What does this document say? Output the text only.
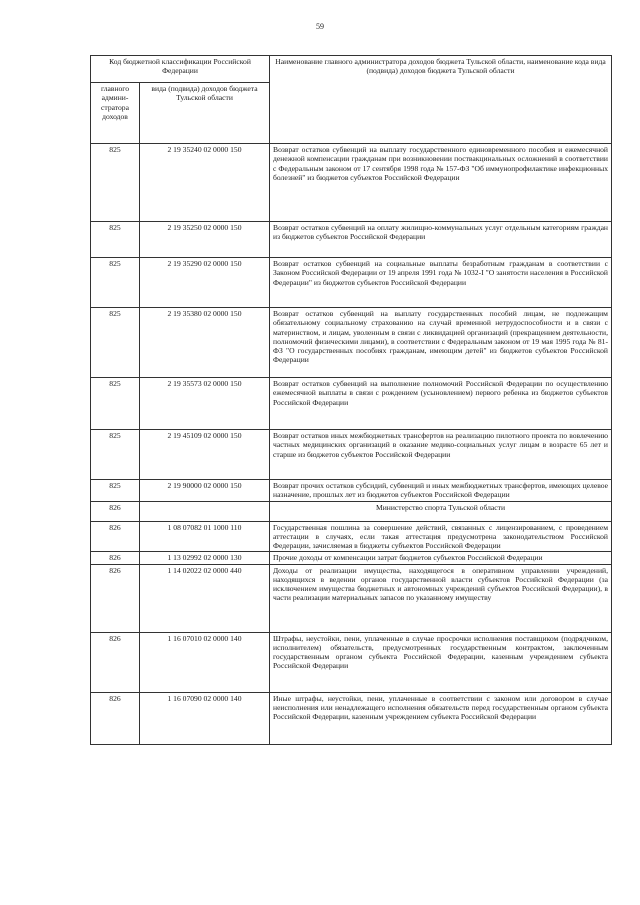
59
Код бюджетной классификации Российской Федерации		Наименование главного администратора доходов бюджета Тульской области, наименование кода вида (подвида) доходов бюджета Тульской области
главного админи-стратора доходов	вида (подвида) доходов бюджета Тульской области	
825	2 19 35240 02 0000 150	Возврат остатков субвенций на выплату государственного единовременного пособия и ежемесячной денежной компенсации гражданам при возникновении поствакцинальных осложнений в соответствии с Федеральным законом от 17 сентября 1998 года № 157-ФЗ "Об иммунопрофилактике инфекционных болезней" из бюджетов субъектов Российской Федерации
825	2 19 35250 02 0000 150	Возврат остатков субвенций на оплату жилищно-коммунальных услуг отдельным категориям граждан из бюджетов субъектов Российской Федерации
825	2 19 35290 02 0000 150	Возврат остатков субвенций на социальные выплаты безработным гражданам в соответствии с Законом Российской Федерации от 19 апреля 1991 года № 1032-I "О занятости населения в Российской Федерации" из бюджетов субъектов Российской Федерации
825	2 19 35380 02 0000 150	Возврат остатков субвенций на выплату государственных пособий лицам, не подлежащим обязательному социальному страхованию на случай временной нетрудоспособности и в связи с материнством, и лицам, уволенным в связи с ликвидацией организаций (прекращением деятельности, полномочий физическими лицами), в соответствии с Федеральным законом от 19 мая 1995 года № 81-ФЗ "О государственных пособиях гражданам, имеющим детей" из бюджетов субъектов Российской Федерации
825	2 19 35573 02 0000 150	Возврат остатков субвенций на выполнение полномочий Российской Федерации по осуществлению ежемесячной выплаты в связи с рождением (усыновлением) первого ребенка из бюджетов субъектов Российской Федерации
825	2 19 45109 02 0000 150	Возврат остатков иных межбюджетных трансфертов на реализацию пилотного проекта по вовлечению частных медицинских организаций в оказание медико-социальных услуг лицам в возрасте 65 лет и старше из бюджетов субъектов Российской Федерации
825	2 19 90000 02 0000 150	Возврат прочих остатков субсидий, субвенций и иных межбюджетных трансфертов, имеющих целевое назначение, прошлых лет из бюджетов субъектов Российской Федерации
826		Министерство спорта Тульской области
826	1 08 07082 01 1000 110	Государственная пошлина за совершение действий, связанных с лицензированием, с проведением аттестации в случаях, если такая аттестация предусмотрена законодательством Российской Федерации, зачисляемая в бюджеты субъектов Российской Федерации
826	1 13 02992 02 0000 130	Прочие доходы от компенсации затрат бюджетов субъектов Российской Федерации
826	1 14 02022 02 0000 440	Доходы от реализации имущества, находящегося в оперативном управлении учреждений, находящихся в ведении органов государственной власти субъектов Российской Федерации (за исключением имущества бюджетных и автономных учреждений субъектов Российской Федерации), в части реализации материальных запасов по указанному имуществу
826	1 16 07010 02 0000 140	Штрафы, неустойки, пени, уплаченные в случае просрочки исполнения поставщиком (подрядчиком, исполнителем) обязательств, предусмотренных государственным контрактом, заключенным государственным органом субъекта Российской Федерации, казенным учреждением субъекта Российской Федерации
826	1 16 07090 02 0000 140	Иные штрафы, неустойки, пени, уплаченные в соответствии с законом или договором в случае неисполнения или ненадлежащего исполнения обязательств перед государственным органом субъекта Российской Федерации, казенным учреждением субъекта Российской Федерации
